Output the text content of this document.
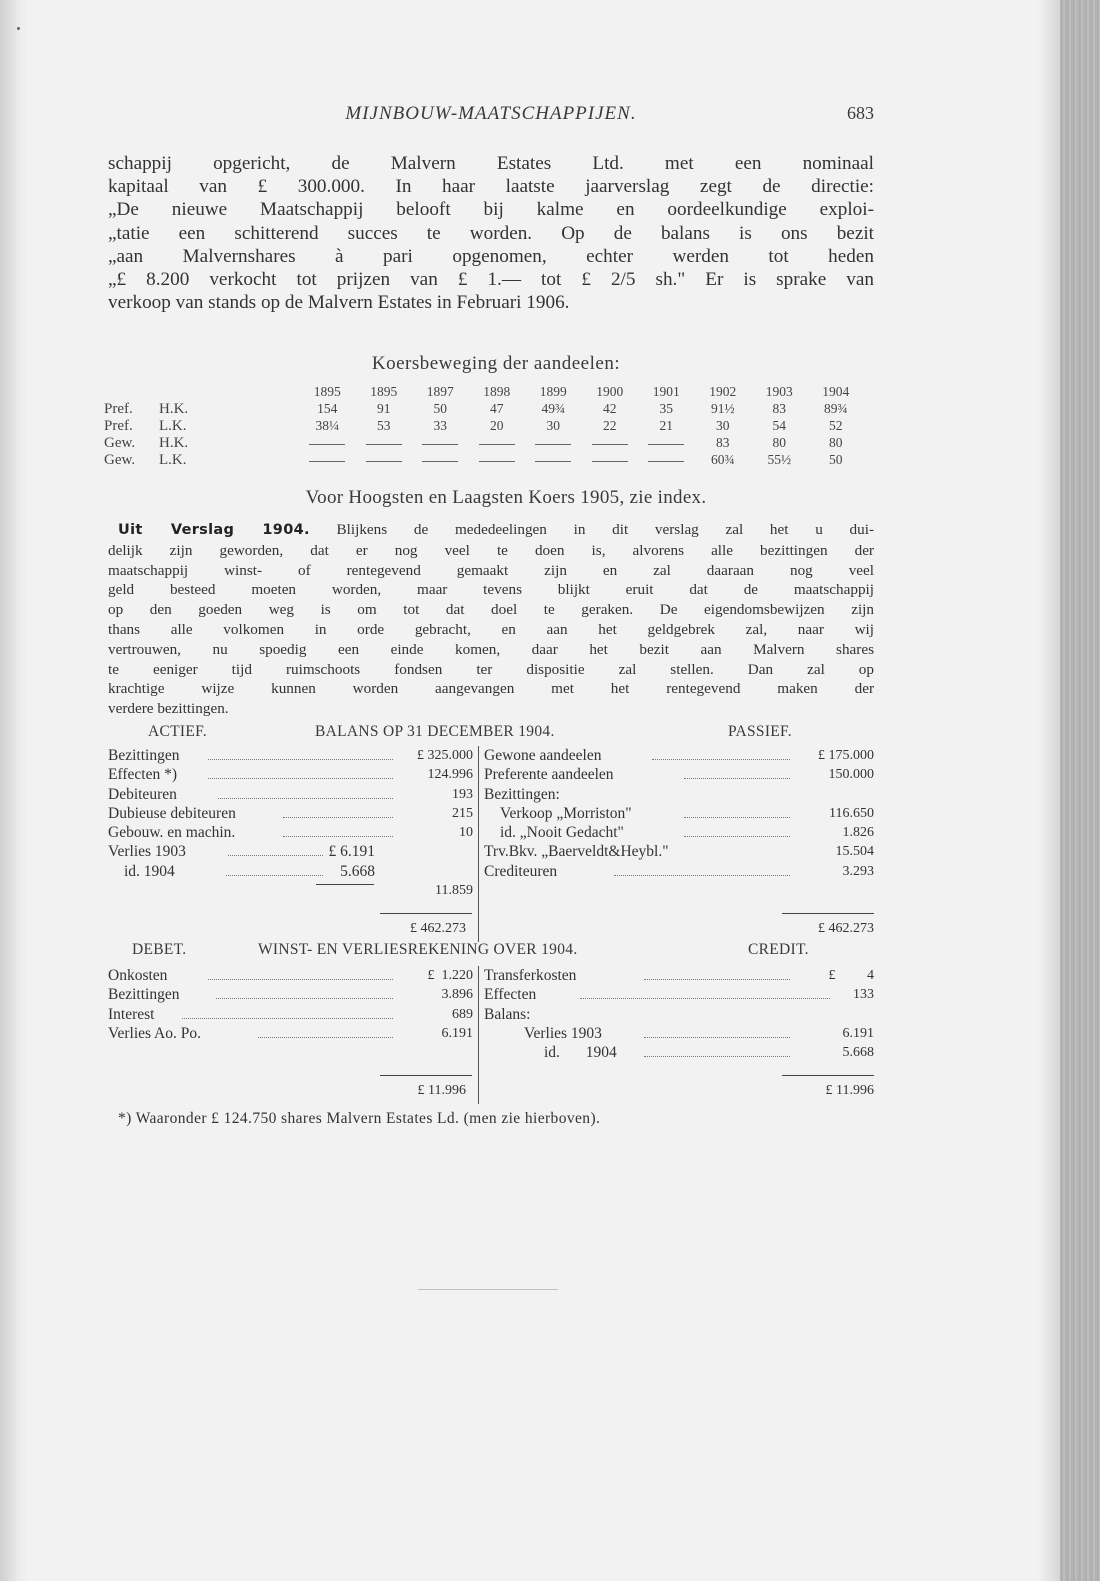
MIJNBOUW-MAATSCHAPPIJEN.	683
schappij opgericht, de Malvern Estates Ltd. met een nominaal
kapitaal van £ 300.000. In haar laatste jaarverslag zegt de directie:
„De nieuwe Maatschappij belooft bij kalme en oordeelkundige exploi-
„tatie een schitterend succes te worden. Op de balans is ons bezit
„aan Malvernshares à pari opgenomen, echter werden tot heden
„£ 8.200 verkocht tot prijzen van £ 1.— tot £ 2/5 sh." Er is sprake van
verkoop van stands op de Malvern Estates in Februari 1906.
Koersbeweging der aandeelen:
		1895	1895	1897	1898	1899	1900	1901	1902	1903	1904
Pref.	H.K.	154	91	50	47	49¾	42	35	91½	83	89¾
Pref.	L.K.	38¼	53	33	20	30	22	21	30	54	52
Gew.	H.K.								83	80	80
Gew.	L.K.								60¾	55½	50
Voor Hoogsten en Laagsten Koers 1905, zie index.
Uit Verslag 1904. Blijkens de mededeelingen in dit verslag zal het u dui-
delijk zijn geworden, dat er nog veel te doen is, alvorens alle bezittingen der
maatschappij winst- of rentegevend gemaakt zijn en zal daaraan nog veel
geld besteed moeten worden, maar tevens blijkt eruit dat de maatschappij
op den goeden weg is om tot dat doel te geraken. De eigendomsbewijzen zijn
thans alle volkomen in orde gebracht, en aan het geldgebrek zal, naar wij
vertrouwen, nu spoedig een einde komen, daar het bezit aan Malvern shares
te eeniger tijd ruimschoots fondsen ter dispositie zal stellen. Dan zal op
krachtige wijze kunnen worden aangevangen met het rentegevend maken der
verdere bezittingen.
ACTIEF.	BALANS OP 31 DECEMBER 1904.	PASSIEF.
Bezittingen	£ 325.000
Effecten *)	124.996
Debiteuren	193
Dubieuse debiteuren	215
Gebouw. en machin.	10
Verlies 1903	£ 6.191
id. 1904	5.668
11.859
Gewone aandeelen	£ 175.000
Preferente aandeelen	150.000
Bezittingen:
Verkoop „Morriston"	116.650
id. „Nooit Gedacht"	1.826
Trv.Bkv. „Baerveldt&Heybl."	15.504
Crediteuren	3.293
£ 462.273	£ 462.273
DEBET.	WINST- EN VERLIESREKENING OVER 1904.	CREDIT.
Onkosten	£ 1.220
Bezittingen	3.896
Interest	689
Verlies Ao. Po.	6.191
Transferkosten	£ 4
Effecten	133
Balans:
Verlies 1903	6.191
id. 1904	5.668
£ 11.996	£ 11.996
*) Waaronder £ 124.750 shares Malvern Estates Ld. (men zie hierboven).
